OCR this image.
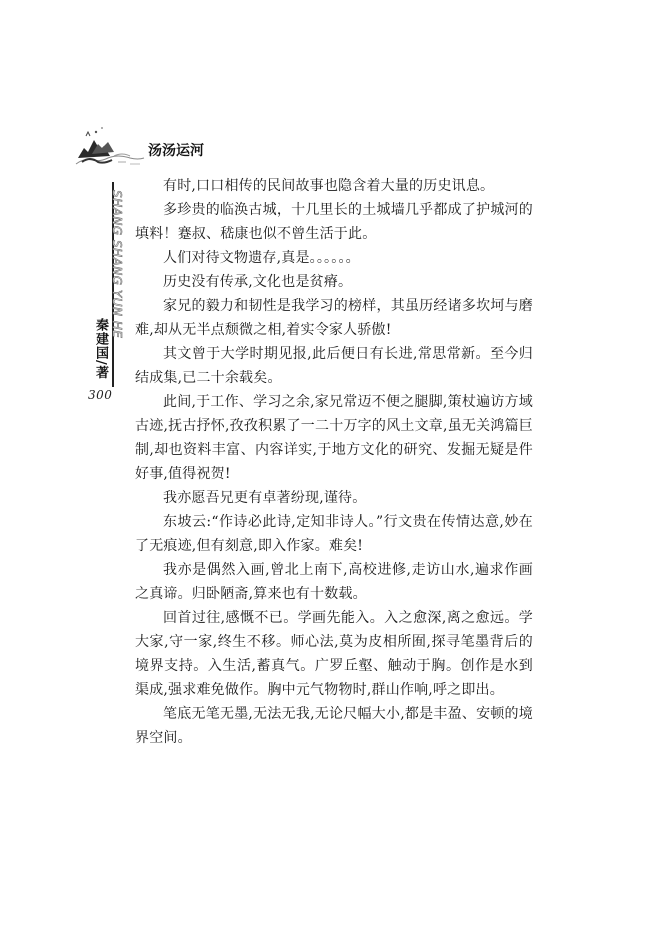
汤汤运河
SHANG SHANG YUN HE
秦建国/著
300

有时,口口相传的民间故事也隐含着大量的历史讯息。

多珍贵的临涣古城，十几里长的土城墙几乎都成了护城河的填料！蹇叔、嵇康也似不曾生活于此。

人们对待文物遗存,真是。。。。。。

历史没有传承,文化也是贫瘠。

家兄的毅力和韧性是我学习的榜样，其虽历经诸多坎坷与磨难,却从无半点颓微之相,着实令家人骄傲!

其文曾于大学时期见报,此后便日有长进,常思常新。至今归结成集,已二十余载矣。

此间,于工作、学习之余,家兄常迈不便之腿脚,策杖遍访方域古迹,抚古抒怀,孜孜积累了一二十万字的风土文章,虽无关鸿篇巨制,却也资料丰富、内容详实,于地方文化的研究、发掘无疑是件好事,值得祝贺!

我亦愿吾兄更有卓著纷现,谨待。

东坡云:“作诗必此诗,定知非诗人。”行文贵在传情达意,妙在了无痕迹,但有刻意,即入作家。难矣!

我亦是偶然入画,曾北上南下,高校进修,走访山水,遍求作画之真谛。归卧陋斋,算来也有十数载。

回首过往,感慨不已。学画先能入。入之愈深,离之愈远。学大家,守一家,终生不移。师心法,莫为皮相所囿,探寻笔墨背后的境界支持。入生活,蓄真气。广罗丘壑、触动于胸。创作是水到渠成,强求难免做作。胸中元气物物时,群山作响,呼之即出。

笔底无笔无墨,无法无我,无论尺幅大小,都是丰盈、安顿的境界空间。
